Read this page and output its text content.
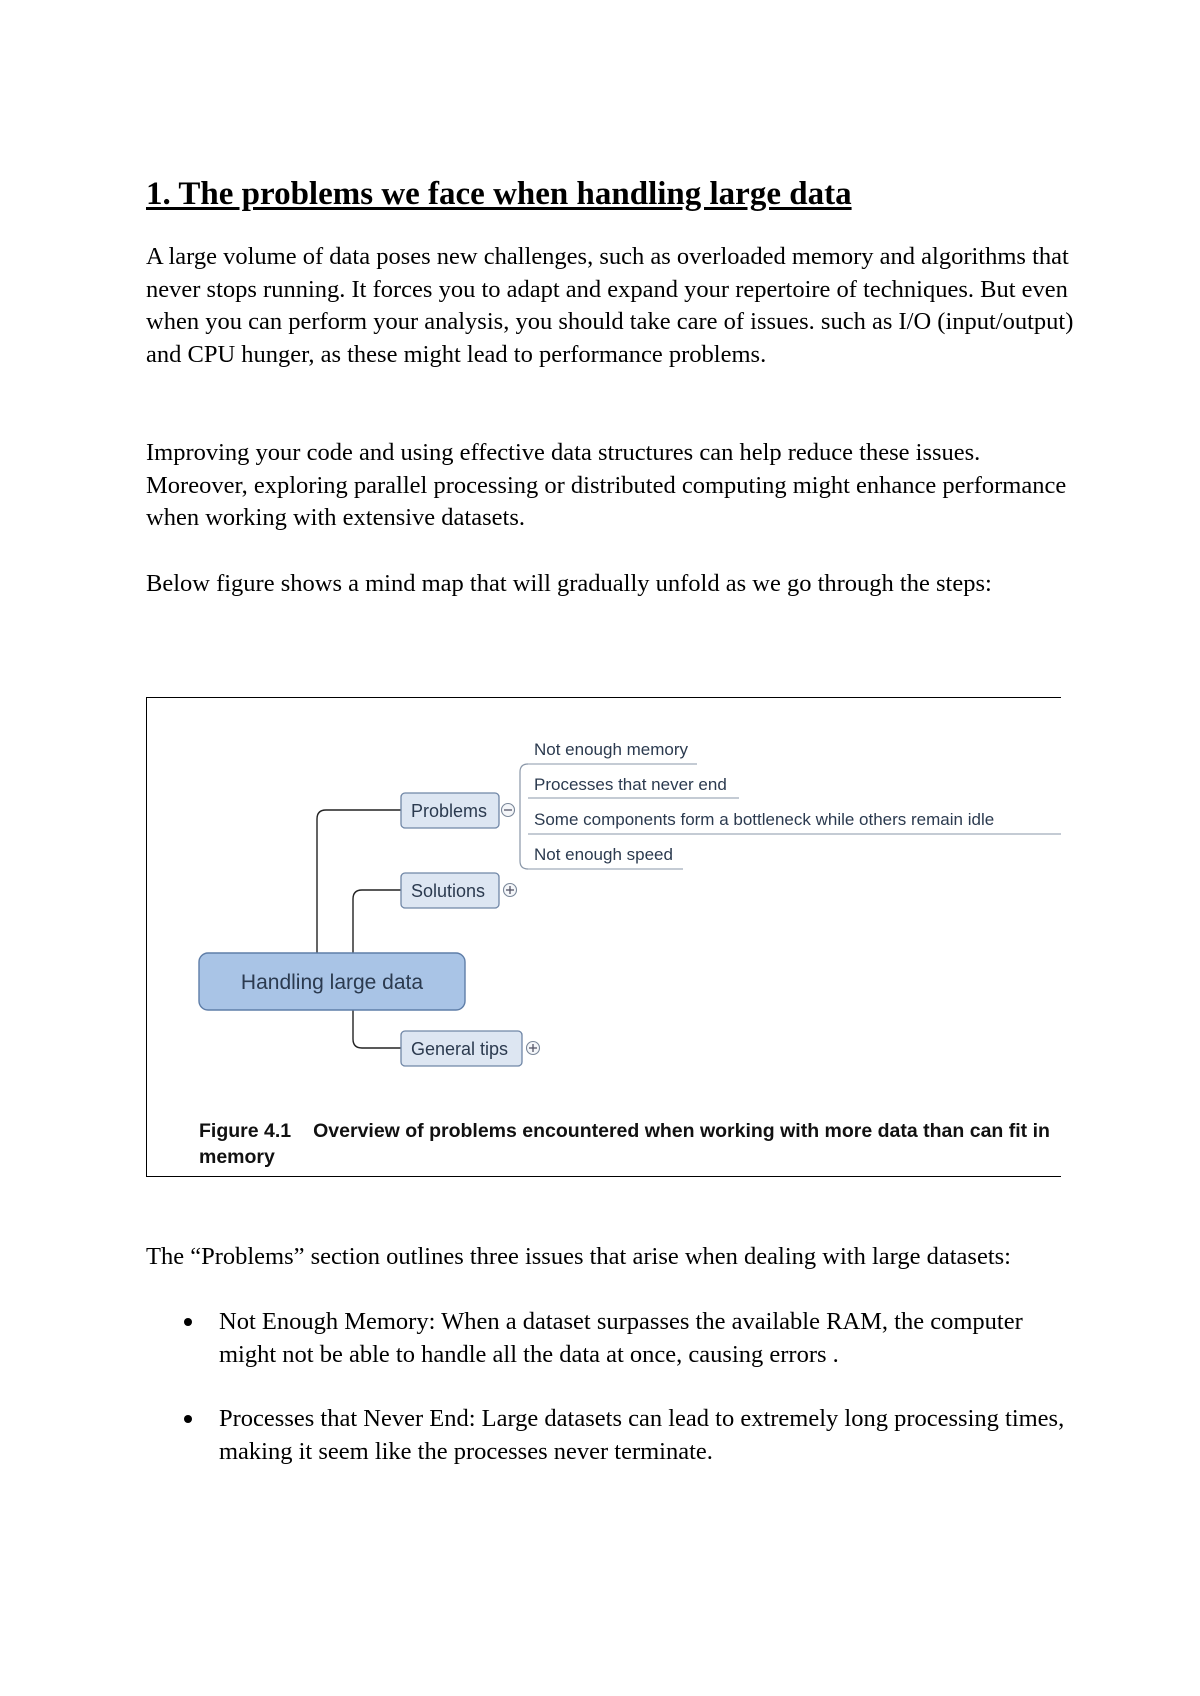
1. The problems we face when handling large data

A large volume of data poses new challenges, such as overloaded memory and algorithms that never stops running. It forces you to adapt and expand your repertoire of techniques. But even when you can perform your analysis, you should take care of issues. such as I/O (input/output) and CPU hunger, as these might lead to performance problems.

Improving your code and using effective data structures can help reduce these issues. Moreover, exploring parallel processing or distributed computing might enhance performance when working with extensive datasets.

Below figure shows a mind map that will gradually unfold as we go through the steps:

Handling large data
Problems
Solutions
General tips
Not enough memory
Processes that never end
Some components form a bottleneck while others remain idle
Not enough speed

Figure 4.1 Overview of problems encountered when working with more data than can fit in memory

The “Problems” section outlines three issues that arise when dealing with large datasets:

Not Enough Memory: When a dataset surpasses the available RAM, the computer might not be able to handle all the data at once, causing errors .
Processes that Never End: Large datasets can lead to extremely long processing times, making it seem like the processes never terminate.
